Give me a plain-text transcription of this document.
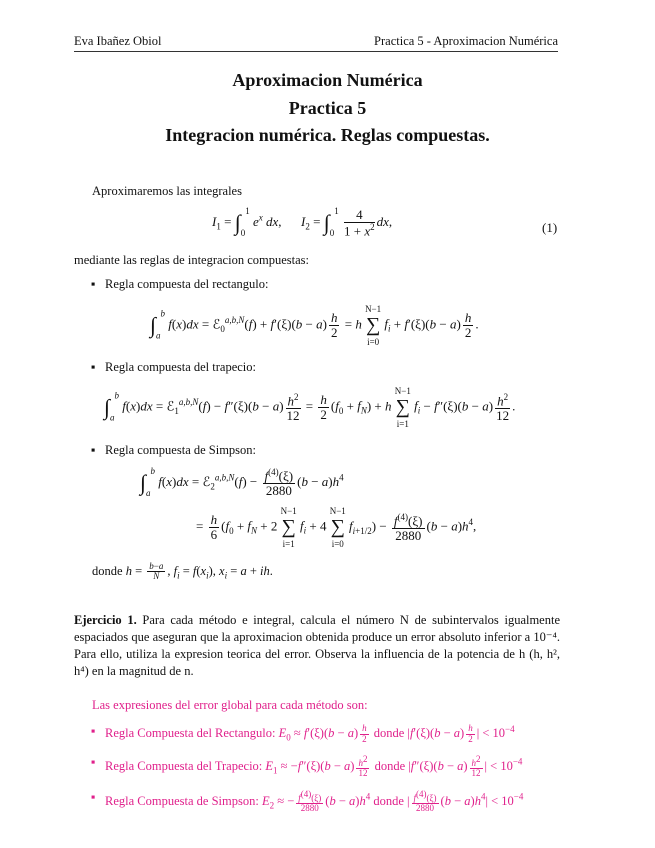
Eva Ibañez Obiol	Practica 5 - Aproximacion Numérica
Aproximacion Numérica
Practica 5
Integracion numérica. Reglas compuestas.
Aproximaremos las integrales
$I_1 = \int_0^1$ $e^x$ dx,      $I_2 = \int_0^1 \frac{4}{1 + x^2}$ dx,	(1)
mediante las reglas de integracion compuestas:
Regla compuesta del rectangulo:
$\int_a^b$ f(x)dx = ℰ$_0^{a,b,N}$(f) + $f'(\xi)(b - a) \frac{h}{2} = h$ N−1
∑
i=0 $f_i + f'(\xi)(b - a) \frac{h}{2}$ .
Regla compuesta del trapecio:
$\int_a^b$ f(x)dx = ℰ$_1^{a,b,N}$(f) − $f''(\xi)(b - a) \frac{h^2}{12} = \frac{h}{2} (f_0 + f_N) + h$ N−1
∑
i=1 $f_i - f''(\xi)(b - a) \frac{h^2}{12}$ .
Regla compuesta de Simpson:
$\int_a^b$ f(x)dx = ℰ$_2^{a,b,N}$(f) − $\frac{f^{(4)}(\xi)}{2880} (b - a)h^4$
= $\frac{h}{6} (f_0 + f_N + 2$ N−1
∑
i=1 $f_i + 4$ N−1
∑
i=0 $f_{i+1/2}) - \frac{f^{(4)}(\xi)}{2880} (b - a)h^4$,
donde $h = \frac{b-a}{N}$ , $f_i = f(x_i)$, $x_i = a$ + ih.
Ejercicio 1. Para cada método e integral, calcula el número N de subintervalos igualmente espaciados que aseguran que la aproximacion obtenida produce un error absoluto inferior a 10⁻⁴. Para ello, utiliza la expresion teorica del error. Observa la influencia de la potencia de h (h, h², h⁴) en la magnitud de n.
Las expresiones del error global para cada método son:
Regla Compuesta del Rectangulo: $E_0 \approx f'(\xi)(b - a) \frac{h}{2}$ donde $|f'(\xi)(b - a) \frac{h}{2}$ | < $10^{-4}$
Regla Compuesta del Trapecio: $E_1 \approx -f''(\xi)(b - a) \frac{h^2}{12}$ donde $|f''(\xi)(b - a) \frac{h^2}{12}$ | < $10^{-4}$
Regla Compuesta de Simpson: $E_2$ ≈ − $\frac{f^{(4)}(\xi)}{2880} (b - a)h^4$ donde | $\frac{f^{(4)}(\xi)}{2880} (b - a)h^4| < 10^{-4}$
